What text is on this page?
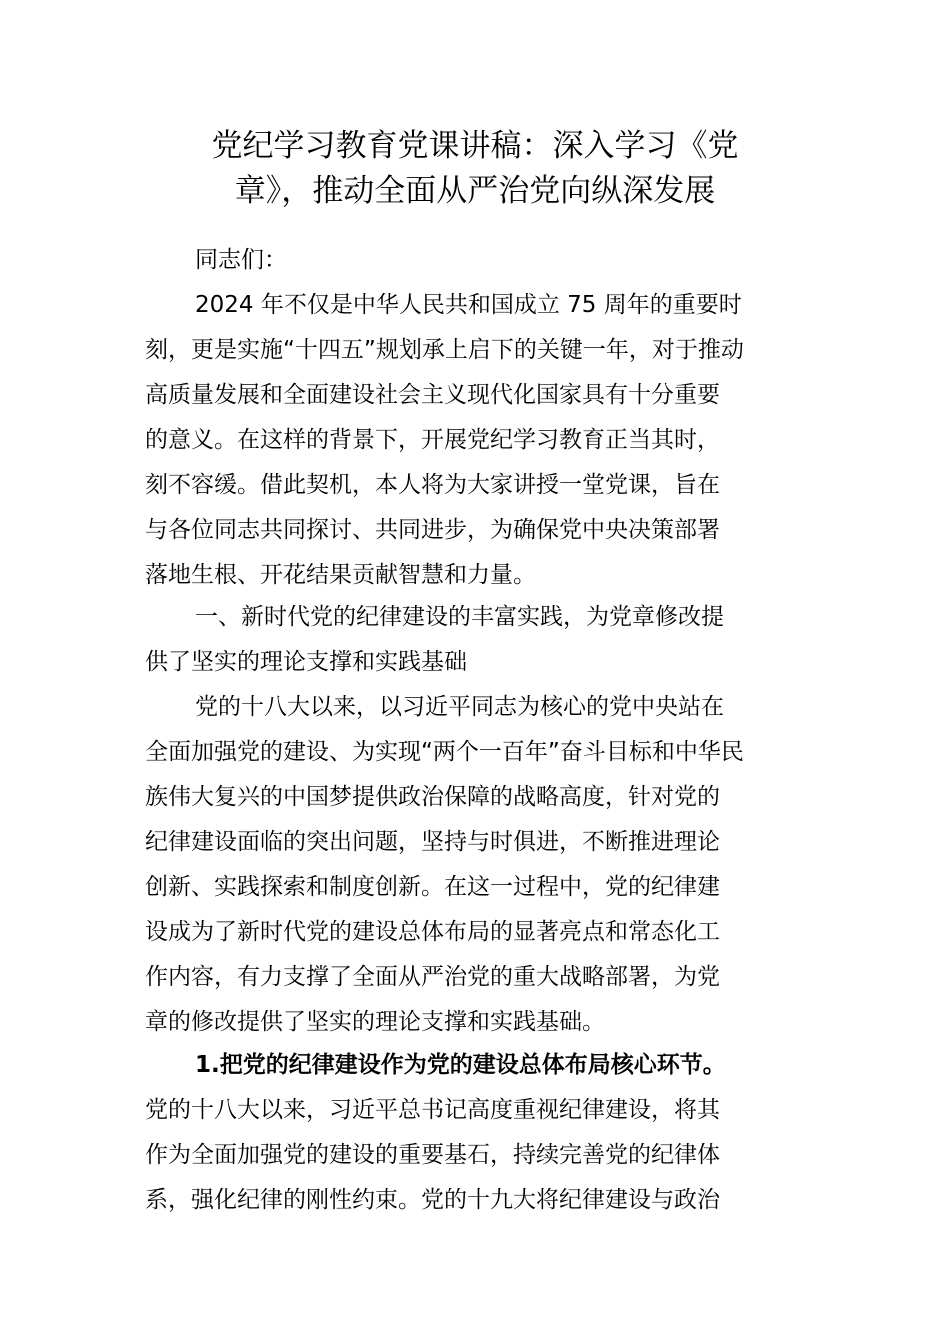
党纪学习教育党课讲稿：深入学习《党
章》，推动全面从严治党向纵深发展

同志们：

2024 年不仅是中华人民共和国成立 75 周年的重要时

刻，更是实施“十四五”规划承上启下的关键一年，对于推动

高质量发展和全面建设社会主义现代化国家具有十分重要

的意义。在这样的背景下，开展党纪学习教育正当其时，

刻不容缓。借此契机，本人将为大家讲授一堂党课，旨在

与各位同志共同探讨、共同进步，为确保党中央决策部署

落地生根、开花结果贡献智慧和力量。

一、新时代党的纪律建设的丰富实践，为党章修改提

供了坚实的理论支撑和实践基础

党的十八大以来，以习近平同志为核心的党中央站在

全面加强党的建设、为实现“两个一百年”奋斗目标和中华民

族伟大复兴的中国梦提供政治保障的战略高度，针对党的

纪律建设面临的突出问题，坚持与时俱进，不断推进理论

创新、实践探索和制度创新。在这一过程中，党的纪律建

设成为了新时代党的建设总体布局的显著亮点和常态化工

作内容，有力支撑了全面从严治党的重大战略部署，为党

章的修改提供了坚实的理论支撑和实践基础。

1.把党的纪律建设作为党的建设总体布局核心环节。

党的十八大以来，习近平总书记高度重视纪律建设，将其

作为全面加强党的建设的重要基石，持续完善党的纪律体

系，强化纪律的刚性约束。党的十九大将纪律建设与政治
